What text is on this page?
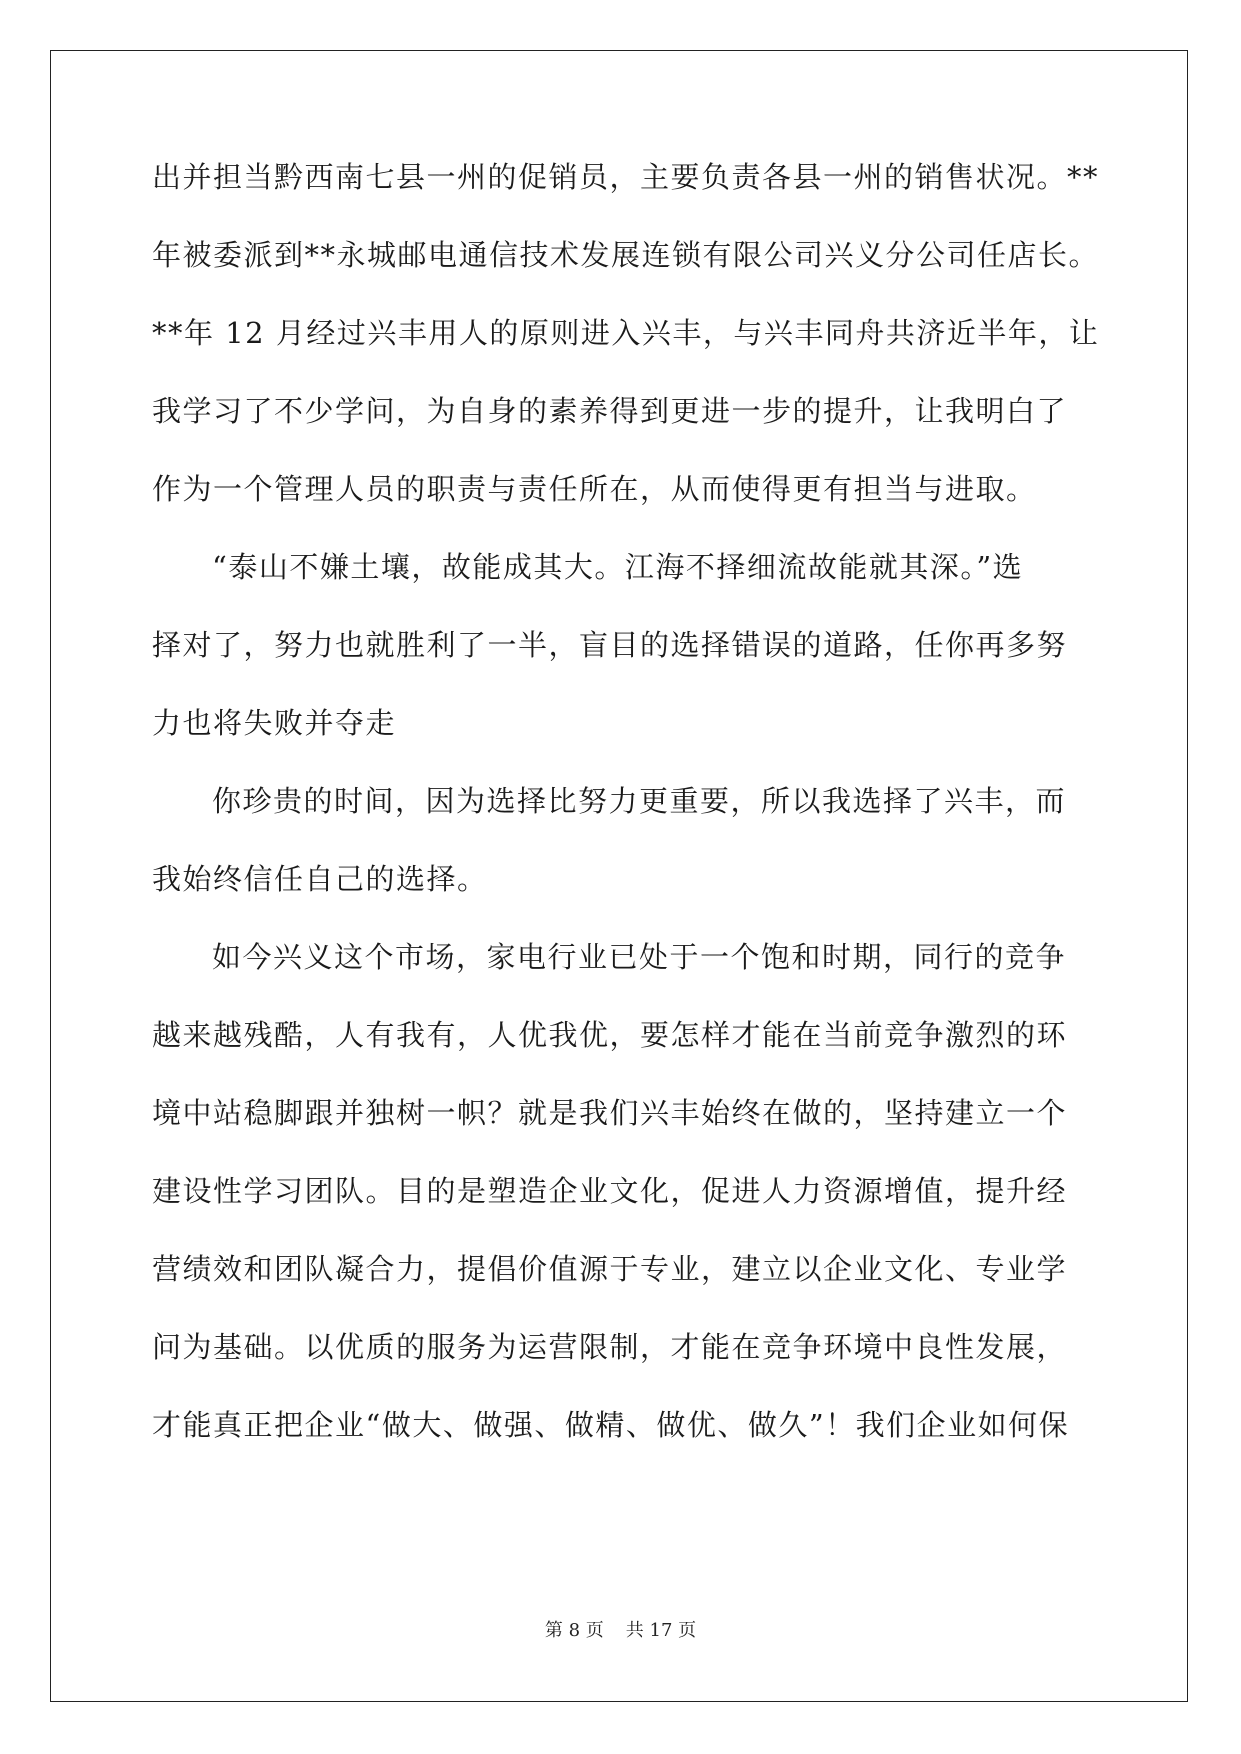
出并担当黔西南七县一州的促销员，主要负责各县一州的销售状况。**
年被委派到**永城邮电通信技术发展连锁有限公司兴义分公司任店长。
**年 12 月经过兴丰用人的原则进入兴丰，与兴丰同舟共济近半年，让
我学习了不少学问，为自身的素养得到更进一步的提升，让我明白了
作为一个管理人员的职责与责任所在，从而使得更有担当与进取。
“泰山不嫌土壤，故能成其大。江海不择细流故能就其深。”选
择对了，努力也就胜利了一半，盲目的选择错误的道路，任你再多努
力也将失败并夺走
你珍贵的时间，因为选择比努力更重要，所以我选择了兴丰，而
我始终信任自己的选择。
如今兴义这个市场，家电行业已处于一个饱和时期，同行的竞争
越来越残酷，人有我有，人优我优，要怎样才能在当前竞争激烈的环
境中站稳脚跟并独树一帜？就是我们兴丰始终在做的，坚持建立一个
建设性学习团队。目的是塑造企业文化，促进人力资源增值，提升经
营绩效和团队凝合力，提倡价值源于专业，建立以企业文化、专业学
问为基础。以优质的服务为运营限制，才能在竞争环境中良性发展，
才能真正把企业“做大、做强、做精、做优、做久”！我们企业如何保
第 8 页 共 17 页
